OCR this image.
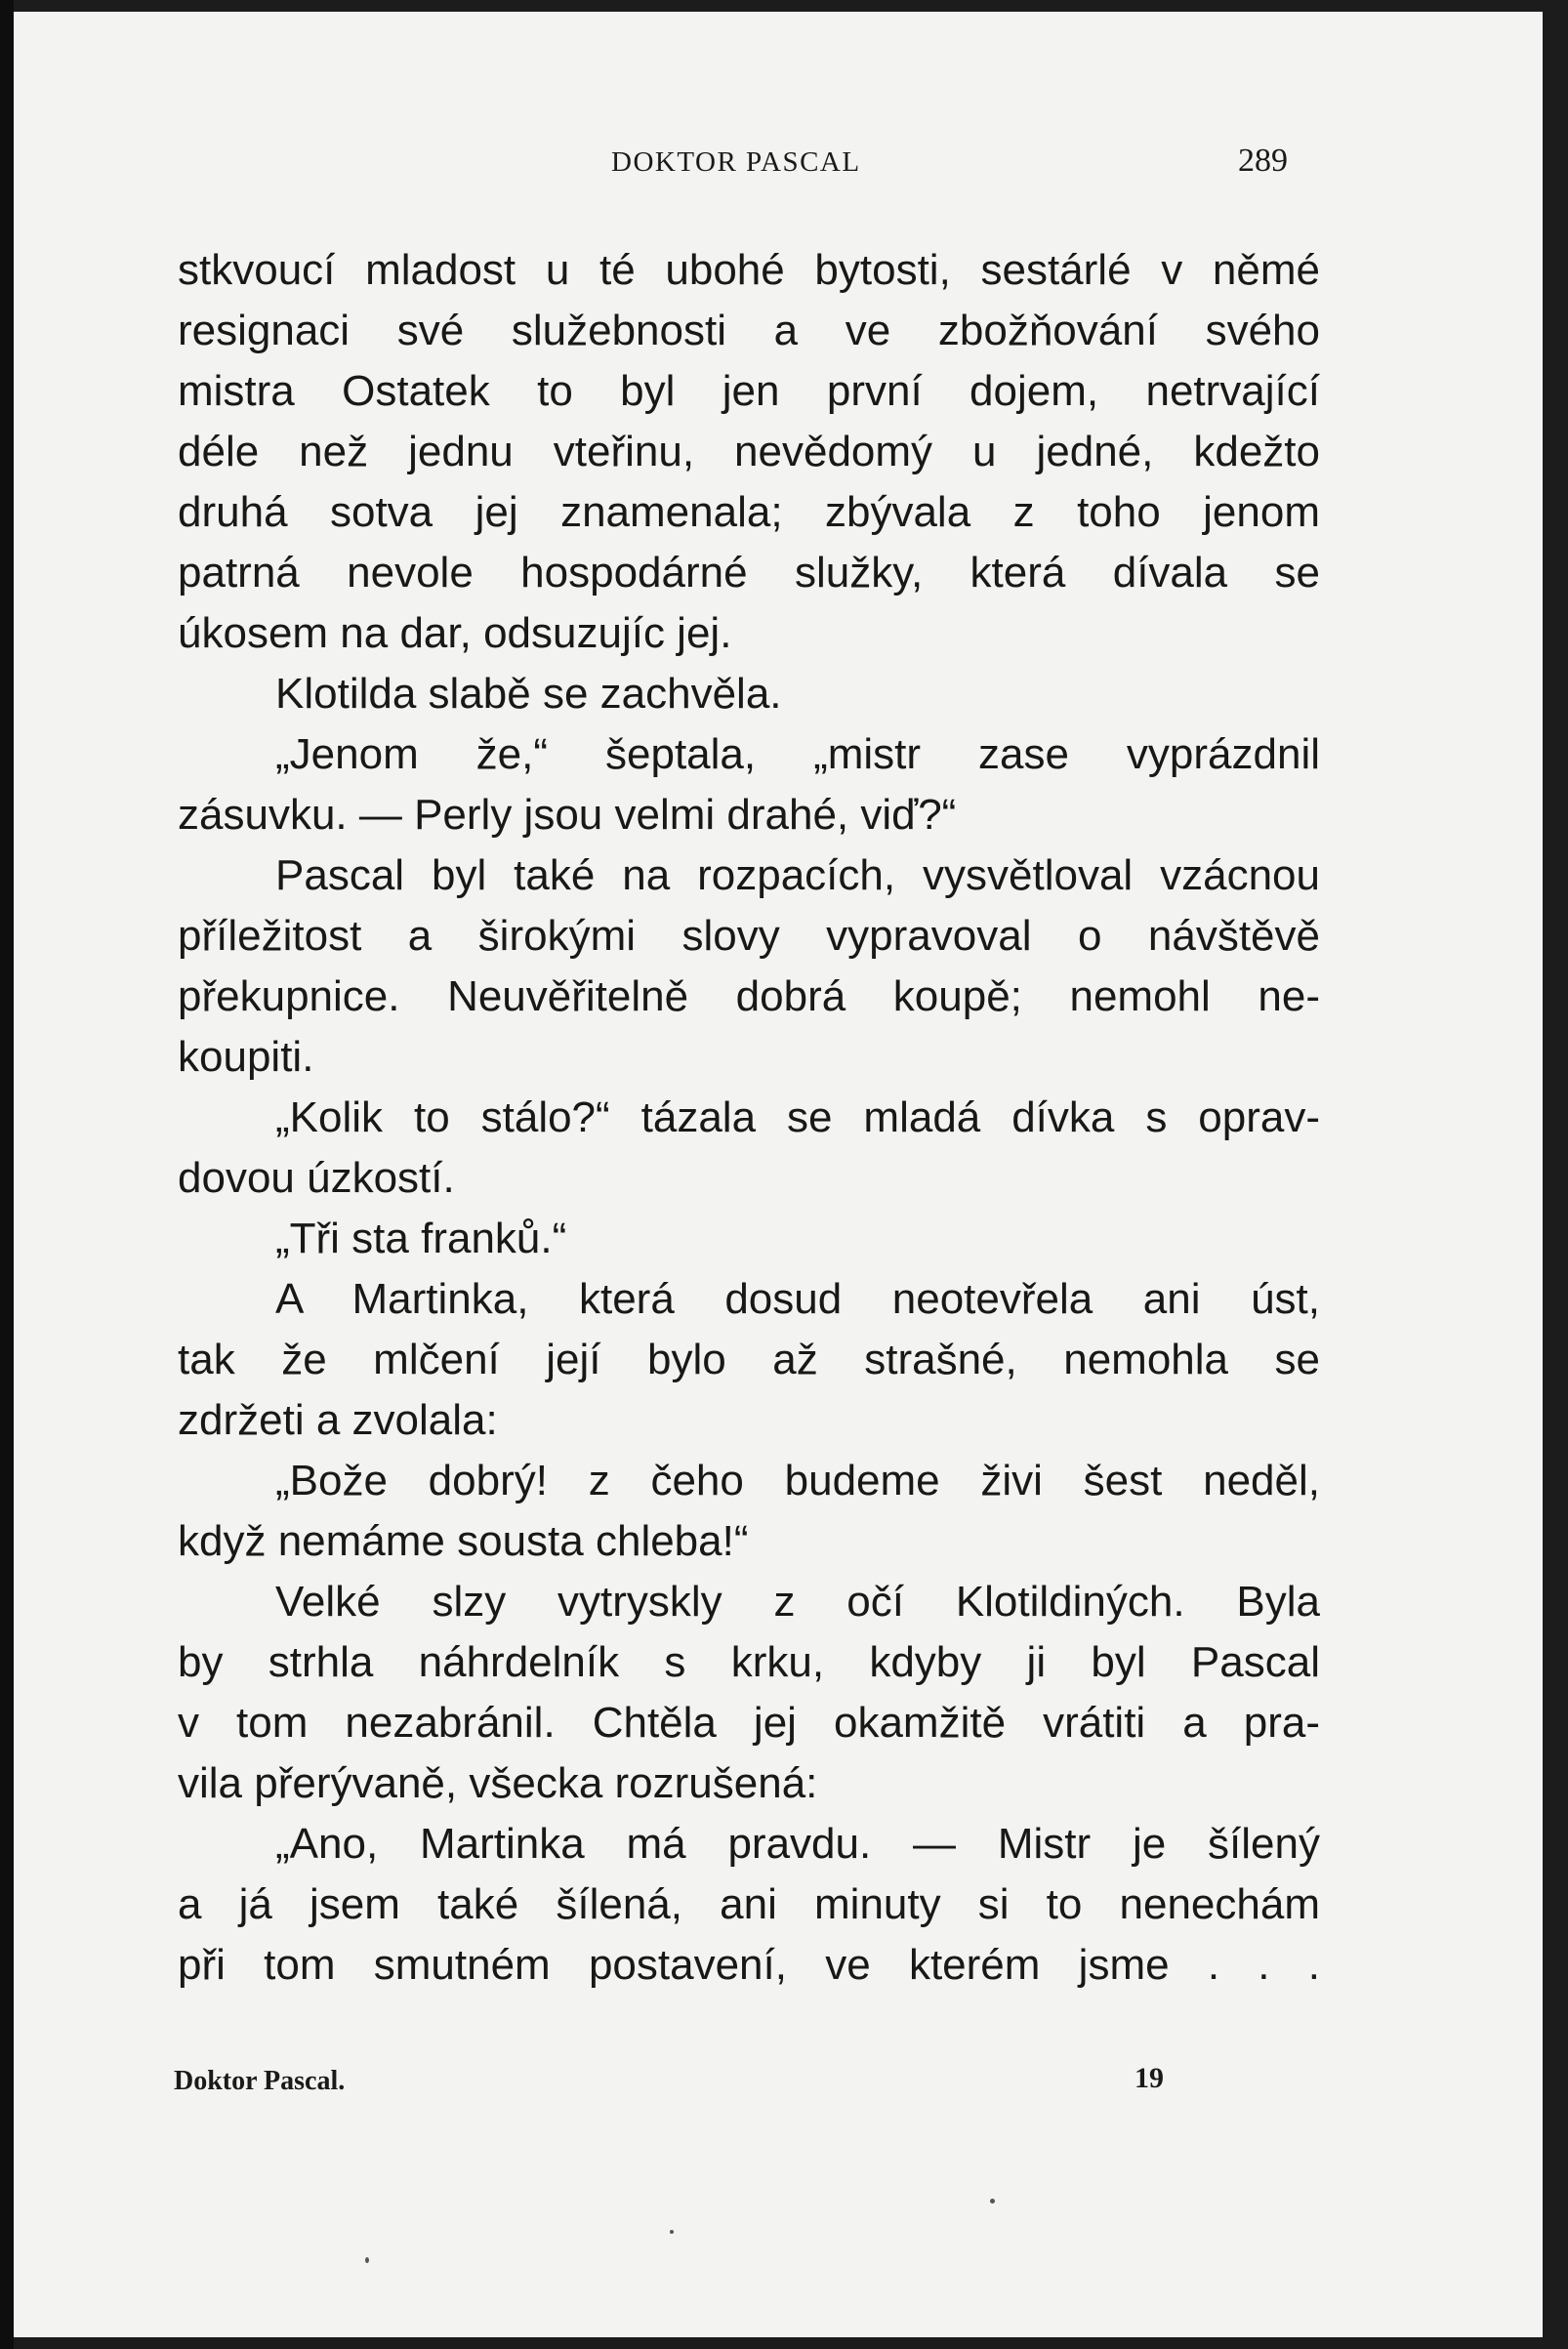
DOKTOR PASCAL	289
stkvoucí mladost u té ubohé bytosti, sestárlé v němé
resignaci své služebnosti a ve zbožňování svého
mistra Ostatek to byl jen první dojem, netrvající
déle než jednu vteřinu, nevědomý u jedné, kdežto
druhá sotva jej znamenala; zbývala z toho jenom
patrná nevole hospodárné služky, která dívala se
úkosem na dar, odsuzujíc jej.
Klotilda slabě se zachvěla.
„Jenom že,“ šeptala, „mistr zase vyprázdnil
zásuvku. — Perly jsou velmi drahé, viď?“
Pascal byl také na rozpacích, vysvětloval vzácnou
příležitost a širokými slovy vypravoval o návštěvě
překupnice. Neuvěřitelně dobrá koupě; nemohl ne-
koupiti.
„Kolik to stálo?“ tázala se mladá dívka s oprav-
dovou úzkostí.
„Tři sta franků.“
A Martinka, která dosud neotevřela ani úst,
tak že mlčení její bylo až strašné, nemohla se
zdržeti a zvolala:
„Bože dobrý! z čeho budeme živi šest neděl,
když nemáme sousta chleba!“
Velké slzy vytryskly z očí Klotildiných. Byla
by strhla náhrdelník s krku, kdyby ji byl Pascal
v tom nezabránil. Chtěla jej okamžitě vrátiti a pra-
vila přerývaně, všecka rozrušená:
„Ano, Martinka má pravdu. — Mistr je šílený
a já jsem také šílená, ani minuty si to nenechám
při tom smutném postavení, ve kterém jsme . . .
Doktor Pascal.	19
